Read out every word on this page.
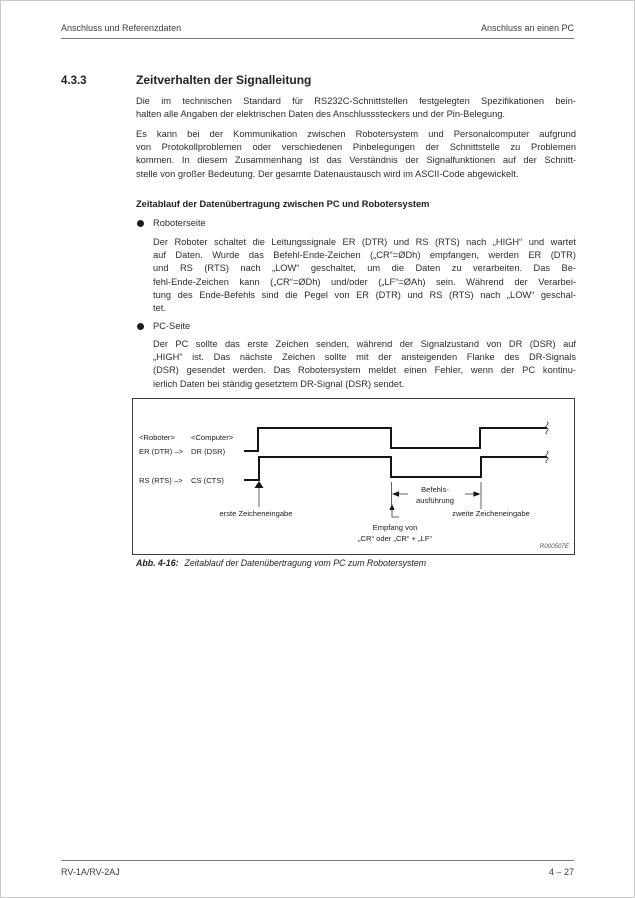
Anschluss und Referenzdaten	Anschluss an einen PC
4.3.3	Zeitverhalten der Signalleitung
Die im technischen Standard für RS232C-Schnittstellen festgelegten Spezifikationen bein-
halten alle Angaben der elektrischen Daten des Anschlusssteckers und der Pin-Belegung.
Es kann bei der Kommunikation zwischen Robotersystem und Personalcomputer aufgrund
von Protokollproblemen oder verschiedenen Pinbelegungen der Schnittstelle zu Problemen
kommen. In diesem Zusammenhang ist das Verständnis der Signalfunktionen auf der Schnitt-
stelle von großer Bedeutung. Der gesamte Datenaustausch wird im ASCII-Code abgewickelt.
Zeitablauf der Datenübertragung zwischen PC und Robotersystem
Roboterseite
Der Roboter schaltet die Leitungssignale ER (DTR) und RS (RTS) nach „HIGH“ und wartet
auf Daten. Wurde das Befehl-Ende-Zeichen („CR“=ØDh) empfangen, werden ER (DTR)
und RS (RTS) nach „LOW“ geschaltet, um die Daten zu verarbeiten. Das Be-
fehl-Ende-Zeichen kann („CR“=ØDh) und/oder („LF“=ØAh) sein. Während der Verarbei-
tung des Ende-Befehls sind die Pegel von ER (DTR) und RS (RTS) nach „LOW“ geschal-
tet.
PC-Seite
Der PC sollte das erste Zeichen senden, während der Signalzustand von DR (DSR) auf
„HIGH“ ist. Das nächste Zeichen sollte mit der ansteigenden Flanke des DR-Signals
(DSR) gesendet werden. Das Robotersystem meldet einen Fehler, wenn der PC kontinu-
ierlich Daten bei ständig gesetztem DR-Signal (DSR) sendet.
<Roboter> <Computer>
ER (DTR) –> DR (DSR)
RS (RTS) –> CS (CTS)
erste Zeicheneingabe
Befehls-
ausführung
Empfang von
„CR“ oder „CR“ + „LF“
zweite Zeicheneingabe
R000507E
Abb. 4-16: Zeitablauf der Datenübertragung vom PC zum Robotersystem
RV-1A/RV-2AJ	4 – 27
